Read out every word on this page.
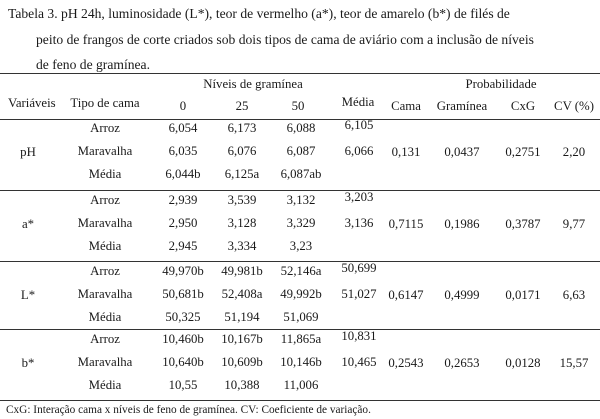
Tabela 3. pH 24h, luminosidade (L*), teor de vermelho (a*), teor de amarelo (b*) de filés de
peito de frangos de corte criados sob dois tipos de cama de aviário com a inclusão de níveis
de feno de gramínea.
Níveis de gramínea	Probabilidade
Variáveis	Tipo de cama	0	25	50	Média	Cama	Gramínea	CxG	CV (%)
pH
Arroz	6,054	6,173	6,088	6,105
Maravalha	6,035	6,076	6,087	6,066
Média	6,044b	6,125a	6,087ab
0,131	0,0437	0,2751	2,20
a*
Arroz	2,939	3,539	3,132	3,203
Maravalha	2,950	3,128	3,329	3,136
Média	2,945	3,334	3,23
0,7115	0,1986	0,3787	9,77
L*
Arroz	49,970b	49,981b	52,146a	50,699
Maravalha	50,681b	52,408a	49,992b	51,027
Média	50,325	51,194	51,069
0,6147	0,4999	0,0171	6,63
b*
Arroz	10,460b	10,167b	11,865a	10,831
Maravalha	10,640b	10,609b	10,146b	10,465
Média	10,55	10,388	11,006
0,2543	0,2653	0,0128	15,57
CxG: Interação cama x níveis de feno de gramínea. CV: Coeficiente de variação.
